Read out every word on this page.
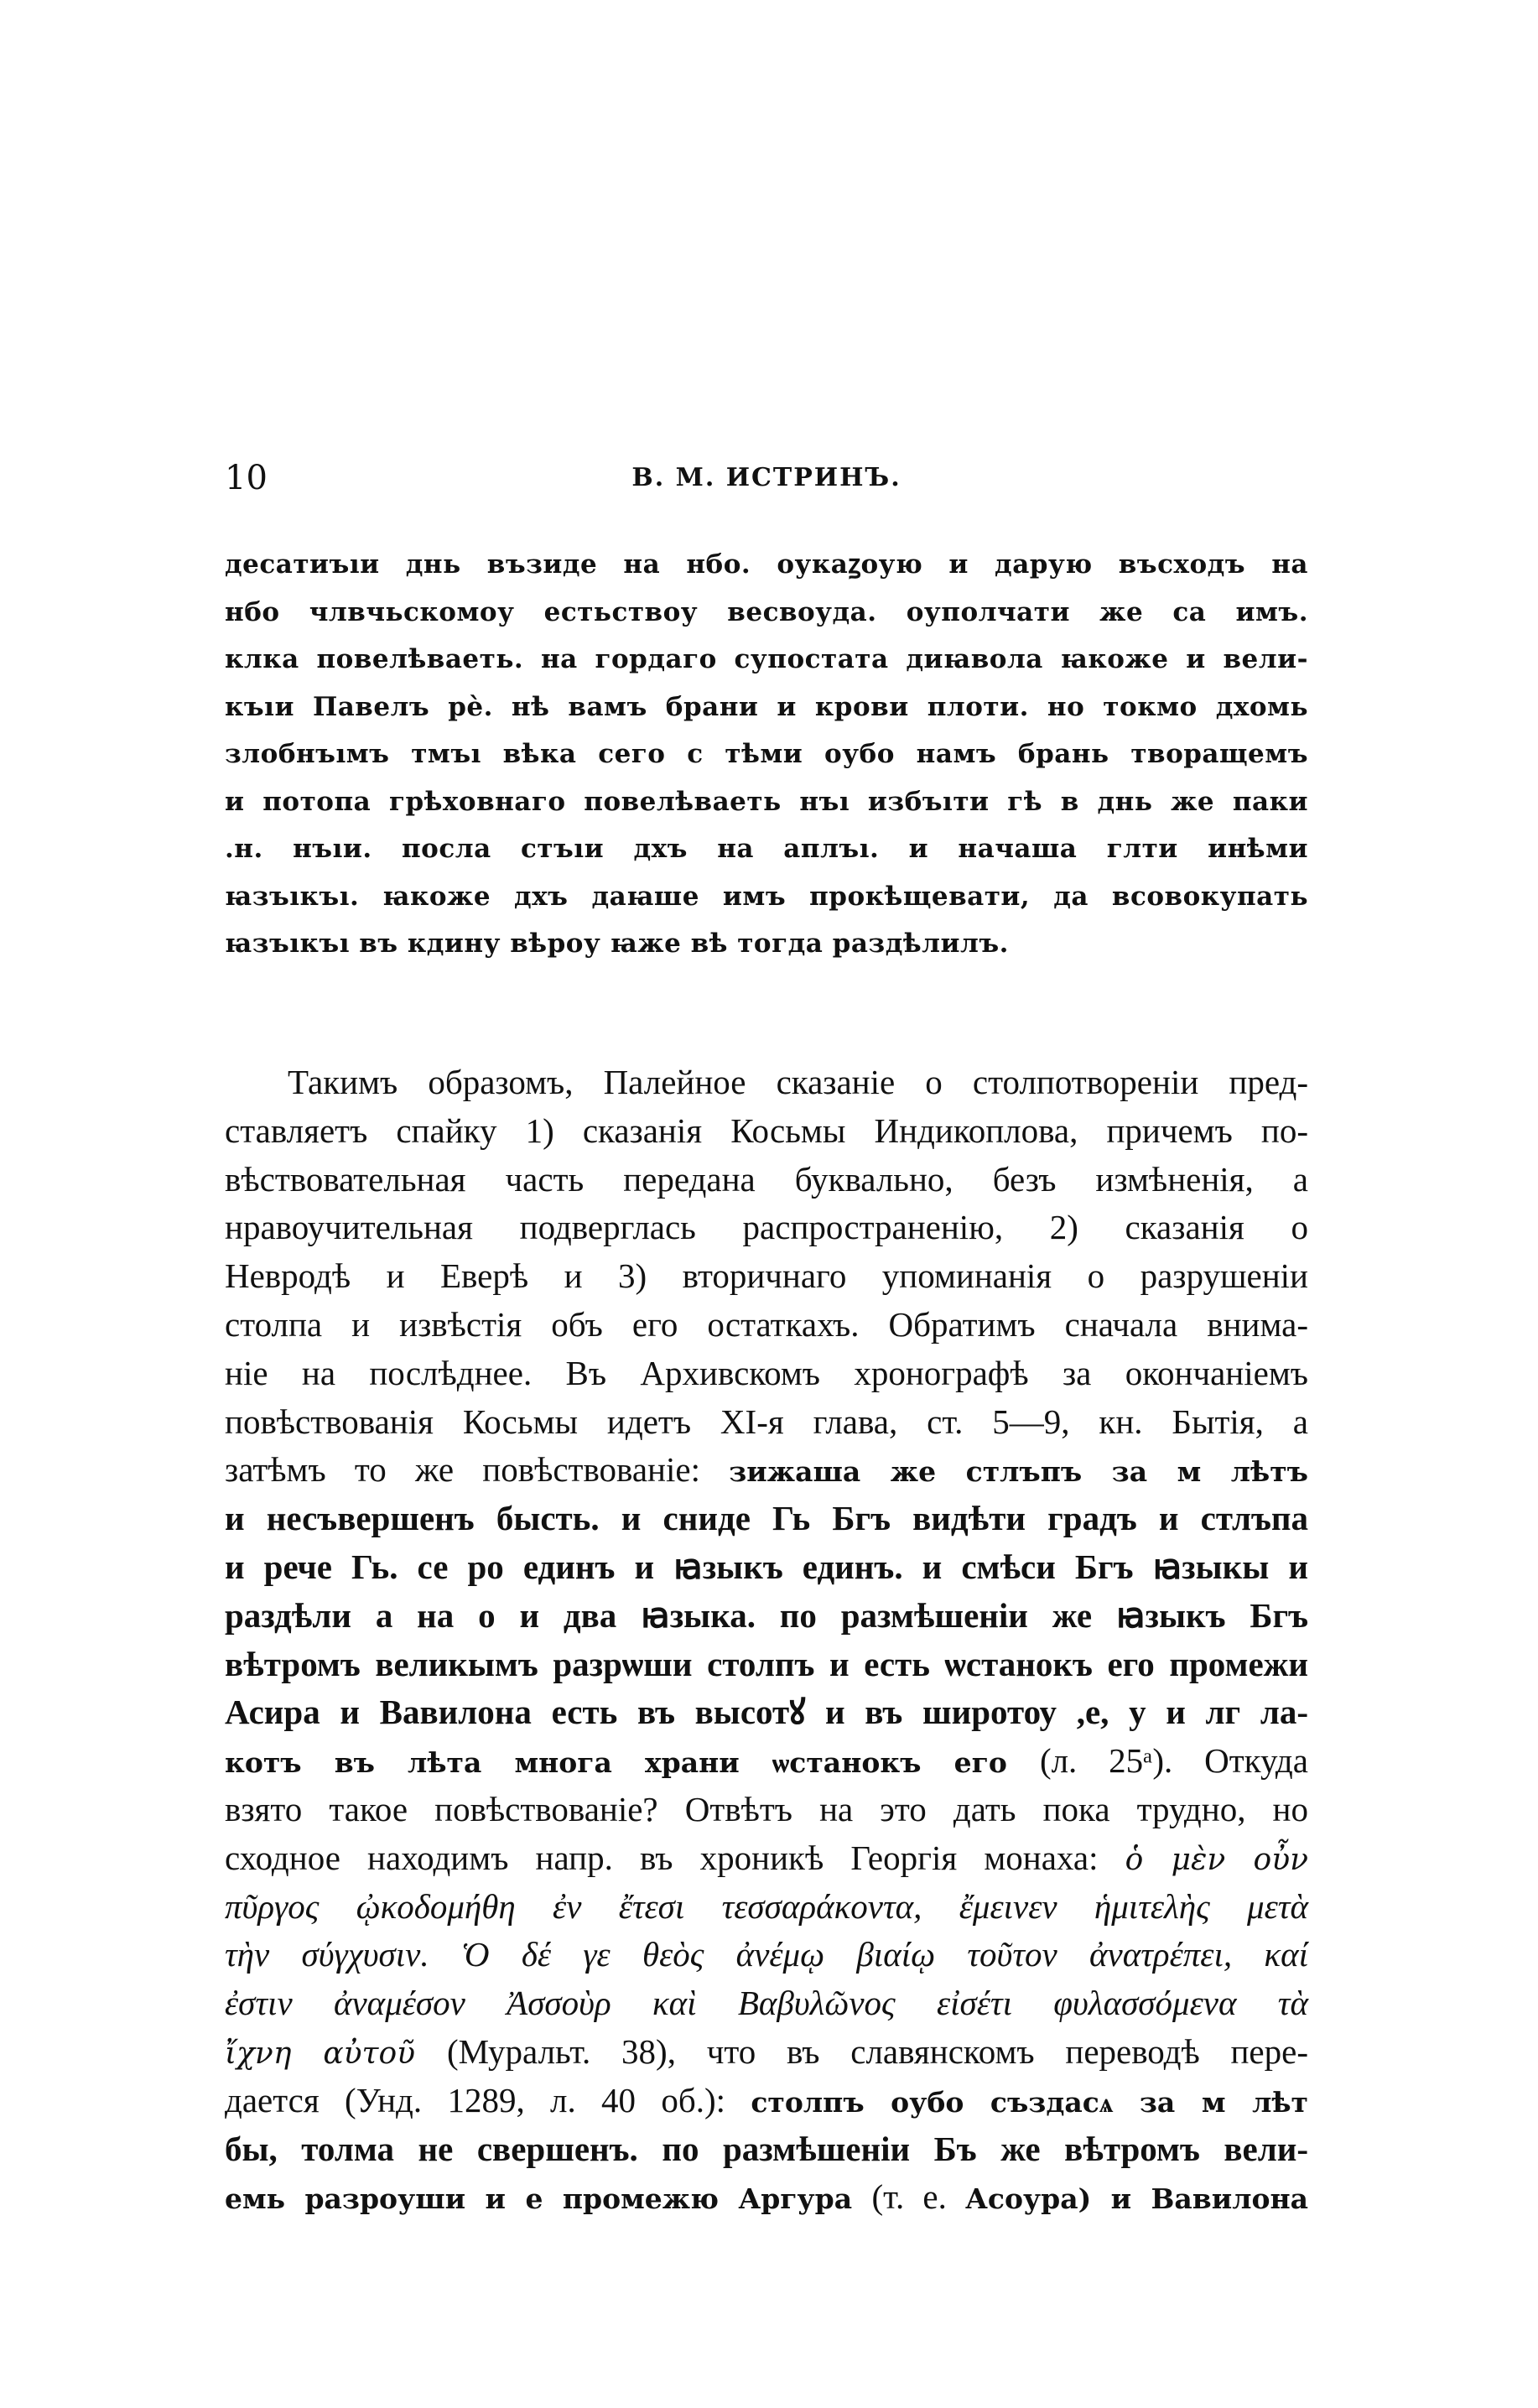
10	В. М. ИСТРИНЪ.
десатиъıи днь възиде на нбо. оукаꙁоую и дарую въсходъ на
нбо члвчьскомоу естьствоу весвоуда. оуполчати же са имъ.
клка повелѣваеть. на гордаго супостата диꙗвола ꙗкоже и вели-
къıи Павелъ рѐ. нѣ вамъ брани и крови плоти. но токмо дхомь
злобнъıмъ тмъı вѣка сего с тѣми оубо намъ брань творащемъ
и потопа грѣховнаго повелѣваеть нъı избъıти гѣ в днь же паки
.н. нъıи. посла стъıи дхъ на аплъı. и начаша глти инѣми
ꙗзъıкъı. ꙗкоже дхъ даꙗше имъ прокѣщевати, да всовокупать
ꙗзъıкъı въ кдину вѣроу ꙗже вѣ тогда раздѣлилъ.
Такимъ образомъ, Палейное сказаніе о столпотвореніи пред-
ставляетъ спайку 1) сказанія Косьмы Индикоплова, причемъ по-
вѣствовательная часть передана буквально, безъ измѣненія, а
нравоучительная подверглась распространенію, 2) сказанія о
Невродѣ и Еверѣ и 3) вторичнаго упоминанія о разрушеніи
столпа и извѣстія объ его остаткахъ. Обратимъ сначала внима-
ніе на послѣднее. Въ Архивскомъ хронографѣ за окончаніемъ
повѣствованія Косьмы идетъ XI-я глава, ст. 5—9, кн. Бытія, а
затѣмъ то же повѣствованіе: зижаша же стлъпъ за м лѣтъ
и несъвершенъ бысть. и сниде Гь Бгъ видѣти градъ и стлъпа
и рече Гь. се ро единъ и ꙗзыкъ единъ. и смѣси Бгъ ꙗзыкы и
раздѣли а на о и два ꙗзыка. по размѣшеніи же ꙗзыкъ Бгъ
вѣтромъ великымъ разрѡши столпъ и есть ѡстанокъ его промежи
Асира и Вавилона есть въ высотꙋ и въ широтоу ,е, у и лг ла-
котъ въ лѣта многа храни ѡстанокъ его (л. 25ᵃ). Откуда
взято такое повѣствованіе? Отвѣтъ на это дать пока трудно, но
сходное находимъ напр. въ хроникѣ Георгія монаха: ὁ μὲν οὖν
πῦργος ᾠκοδομήθη ἐν ἔτεσι τεσσαράκοντα, ἔμεινεν ἡμιτελὴς μετὰ
τὴν σύγχυσιν. Ὁ δέ γε θεὸς ἀνέμῳ βιαίῳ τοῦτον ἀνατρέπει, καί
ἐστιν ἀναμέσον Ἀσσοὺρ καὶ Βαβυλῶνος εἰσέτι φυλασσόμενα τὰ
ἴχνη αὐτοῦ (Муральт. 38), что въ славянскомъ переводѣ пере-
дается (Унд. 1289, л. 40 об.): столпъ оубо създасѧ за м лѣт
бы, толма не свершенъ. по размѣшеніи Бъ же вѣтромъ вели-
емь разроуши и е промежю Аргура (т. е. Асоура) и Вавилона
